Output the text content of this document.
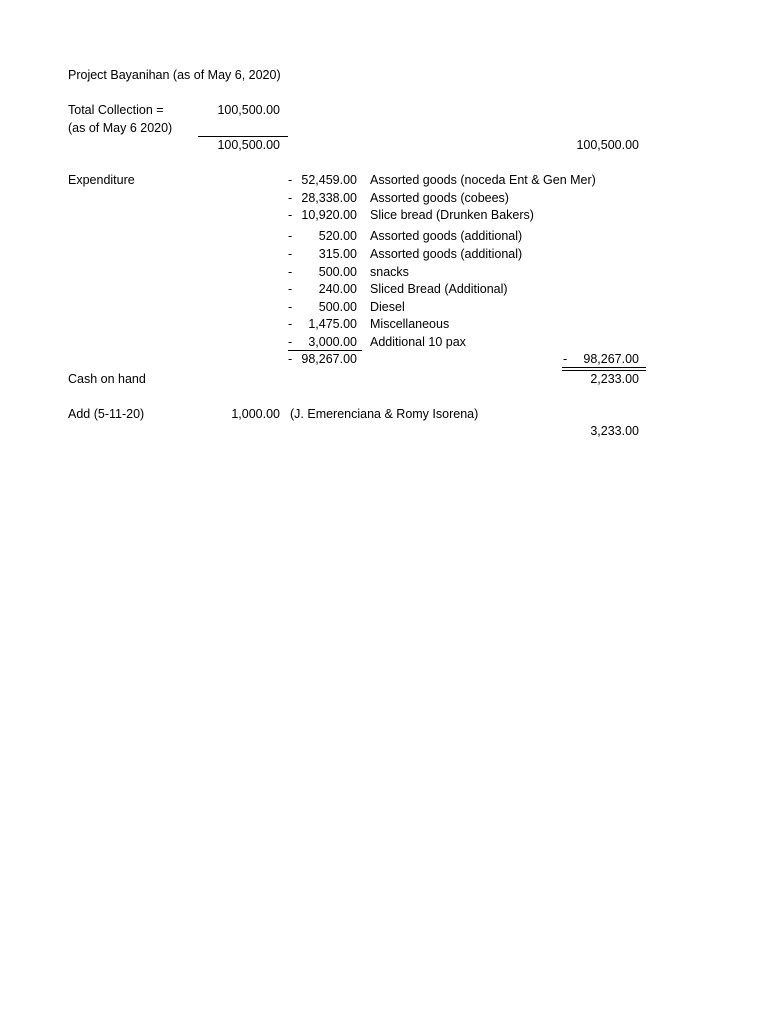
Project Bayanihan (as of May 6, 2020)
Total Collection =	100,500.00
(as of May 6 2020)
100,500.00	100,500.00
Expenditure	- 52,459.00 Assorted goods (noceda Ent & Gen Mer)
- 28,338.00 Assorted goods (cobees)
- 10,920.00 Slice bread (Drunken Bakers)
-	520.00 Assorted goods (additional)
-	315.00 Assorted goods (additional)
-	500.00 snacks
-	240.00 Sliced Bread (Additional)
-	500.00 Diesel
-	1,475.00 Miscellaneous
-	3,000.00 Additional 10 pax
- 98,267.00	-	98,267.00
Cash on hand	2,233.00
Add (5-11-20)	1,000.00 (J. Emerenciana & Romy Isorena)
3,233.00
